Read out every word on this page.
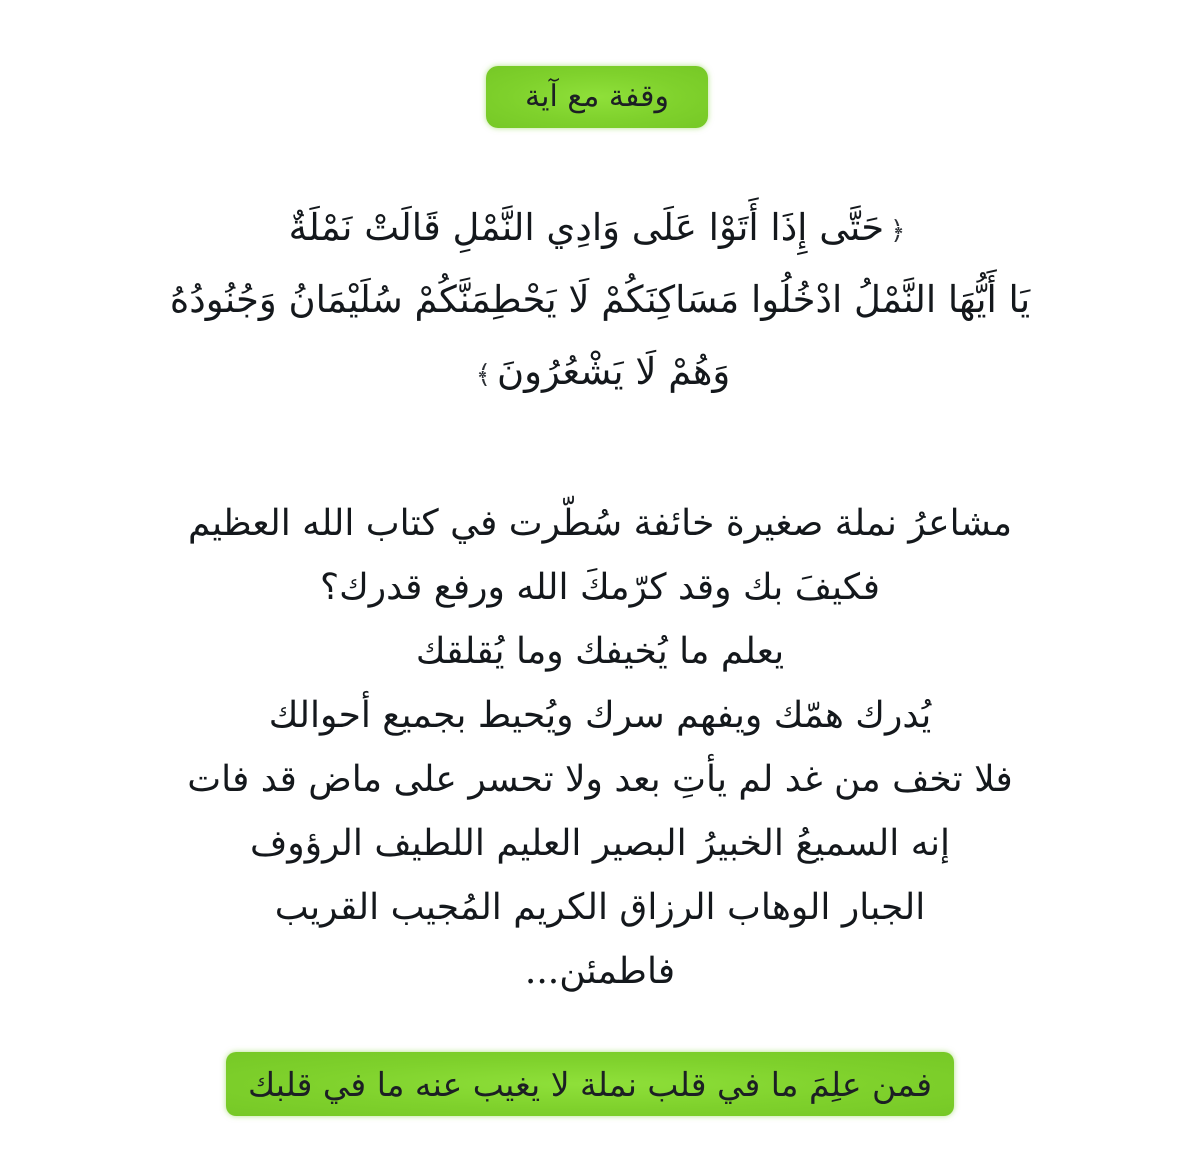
وقفة مع آية
﴿حَتَّى إِذَا أَتَوْا عَلَى وَادِي النَّمْلِ قَالَتْ نَمْلَةٌ
يَا أَيُّهَا النَّمْلُ ادْخُلُوا مَسَاكِنَكُمْ لَا يَحْطِمَنَّكُمْ سُلَيْمَانُ وَجُنُودُهُ
وَهُمْ لَا يَشْعُرُونَ﴾
مشاعرُ نملة صغيرة خائفة سُطّرت في كتاب الله العظيم
فكيفَ بك وقد كرّمكَ الله ورفع قدرك؟
يعلم ما يُخيفك وما يُقلقك
يُدرك همّك ويفهم سرك ويُحيط بجميع أحوالك
فلا تخف من غد لم يأتِ بعد ولا تحسر على ماض قد فات
إنه السميعُ الخبيرُ البصير العليم اللطيف الرؤوف
الجبار الوهاب الرزاق الكريم المُجيب القريب
فاطمئن...
فمن علِمَ ما في قلب نملة لا يغيب عنه ما في قلبك
